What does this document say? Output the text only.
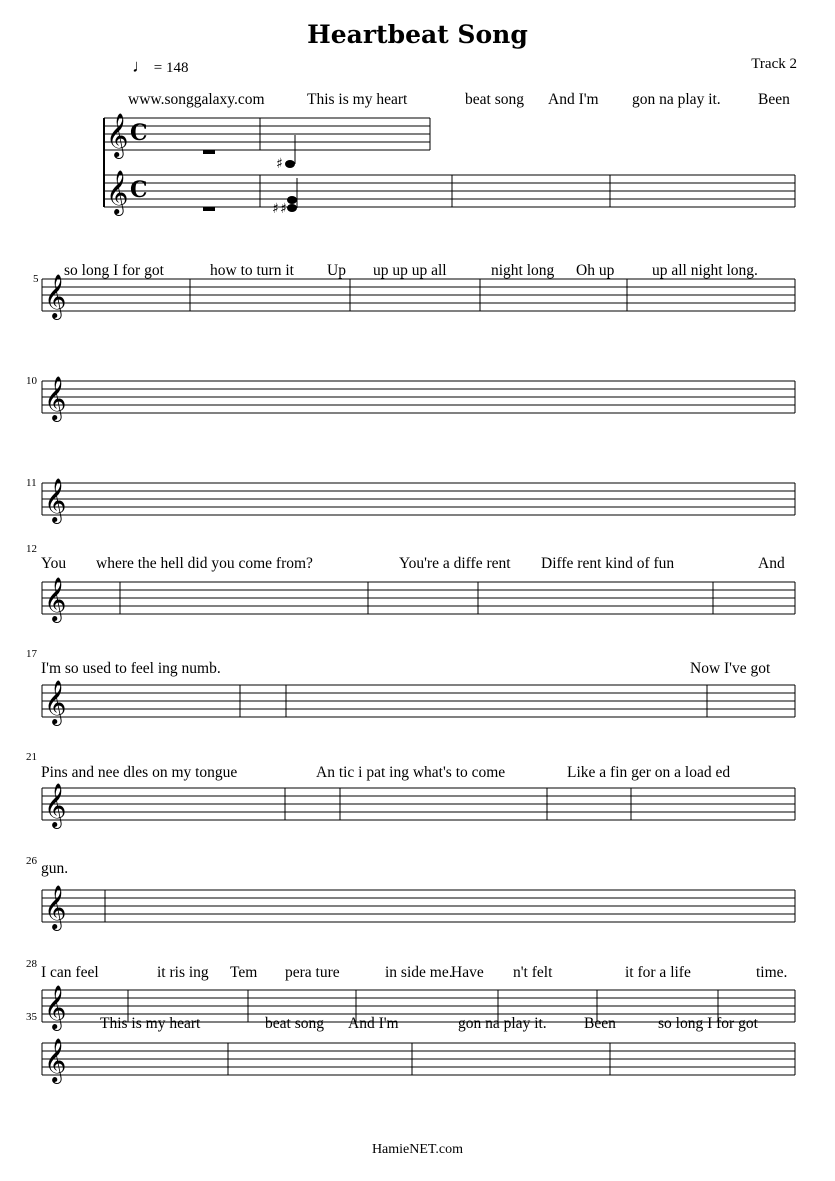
Heartbeat Song
Track 2
♩ = 148
www.songgalaxy.com	This is my heart	beat song And I'm gon na play it. Been
so long I for got	how to turn it Up up up up all	night long Oh up up all night long.
You where the hell did you come from?	You're a diffe rent Diffe rent kind of fun	And
I'm so used to feel ing numb.	Now I've got
Pins and nee dles on my tongue	An tic i pat ing what's to come	Like a fin ger on a load ed
gun.
I can feel	it ris ing Tem pera ture	in side me.
Have n't felt	it for a life	time.
This is my heart	beat song And I'm	gon na play it. Been	so long I for got
5
10
11
12
17
21
26
28
35
𝄞
𝄞
C
C
♯
♯ ♯
𝄞
𝄞
𝄞
𝄞
𝄞
𝄞
𝄞
𝄞
𝄞
HamieNET.com
